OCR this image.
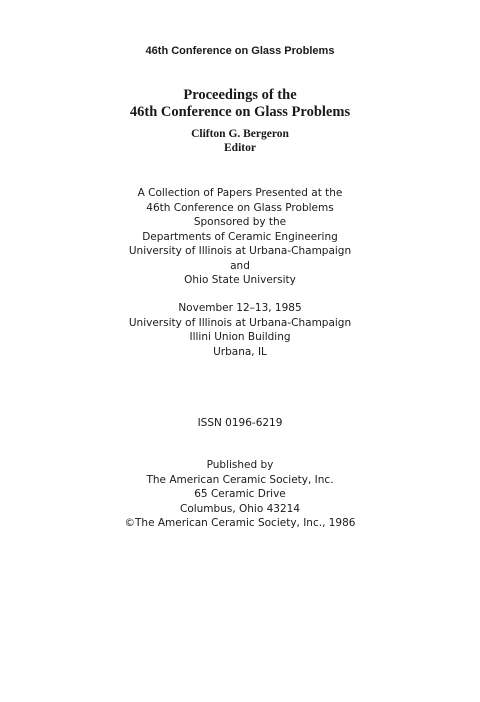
46th Conference on Glass Problems

Proceedings of the
46th Conference on Glass Problems
Clifton G. Bergeron
Editor
A Collection of Papers Presented at the
46th Conference on Glass Problems
Sponsored by the
Departments of Ceramic Engineering
University of Illinois at Urbana-Champaign
and
Ohio State University
November 12–13, 1985
University of Illinois at Urbana-Champaign
Illini Union Building
Urbana, IL

ISSN 0196-6219

Published by
The American Ceramic Society, Inc.
65 Ceramic Drive
Columbus, Ohio 43214
©The American Ceramic Society, Inc., 1986
